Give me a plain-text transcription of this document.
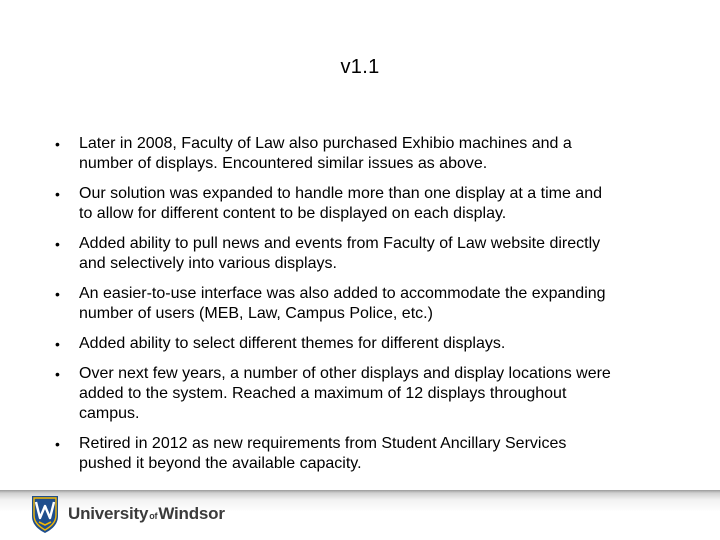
v1.1
•	Later in 2008, Faculty of Law also purchased Exhibio machines and a
number of displays. Encountered similar issues as above.
•	Our solution was expanded to handle more than one display at a time and
to allow for different content to be displayed on each display.
•	Added ability to pull news and events from Faculty of Law website directly
and selectively into various displays.
•	An easier-to-use interface was also added to accommodate the expanding
number of users (MEB, Law, Campus Police, etc.)
•	Added ability to select different themes for different displays.
•	Over next few years, a number of other displays and display locations were
added to the system. Reached a maximum of 12 displays throughout
campus.
•	Retired in 2012 as new requirements from Student Ancillary Services
pushed it beyond the available capacity.
University of Windsor
